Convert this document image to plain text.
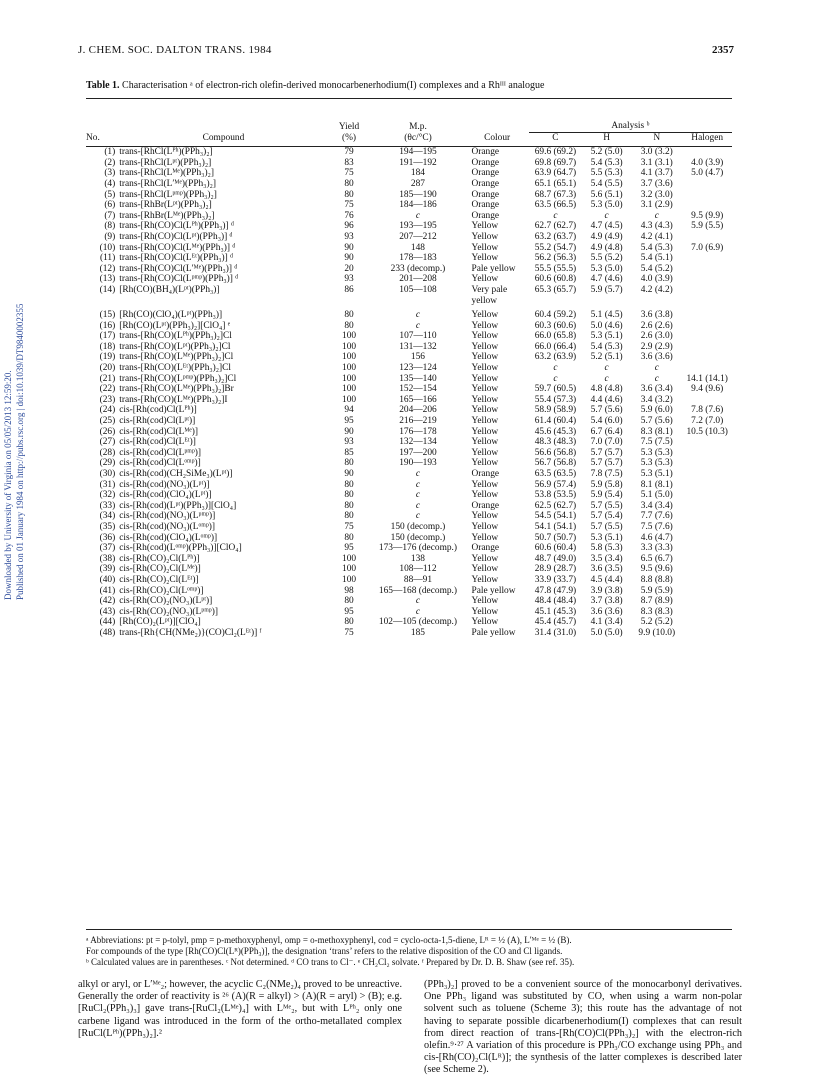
J. CHEM. SOC. DALTON TRANS. 1984	2357
Downloaded by University of Virginia on 05/05/2013 12:59:20. Published on 01 January 1984 on http://pubs.rsc.org | doi:10.1039/DT9840002355
Table 1. Characterisation ᵃ of electron-rich olefin-derived monocarbenerhodium(I) complexes and a Rhᴵᴵᴵ analogue
		Yield	M.p.		Analysis ᵇ			
No.	Compound	(%)	(θc/°C)	Colour	C	H	N	Halogen
(1)	trans-[RhCl(Lᴾʰ)(PPh₃)₂]	79	194—195	Orange	69.6 (69.2)	5.2 (5.0)	3.0 (3.2)	
(2)	trans-[RhCl(Lᵖᵗ)(PPh₃)₂]	83	191—192	Orange	69.8 (69.7)	5.4 (5.3)	3.1 (3.1)	4.0 (3.9)
(3)	trans-[RhCl(Lᴹᵉ)(PPh₃)₂]	75	184	Orange	63.9 (64.7)	5.5 (5.3)	4.1 (3.7)	5.0 (4.7)
(4)	trans-[RhCl(L′ᴹᵉ)(PPh₃)₂]	80	287	Orange	65.1 (65.1)	5.4 (5.5)	3.7 (3.6)	
(5)	trans-[RhCl(Lᵖᵐᵖ)(PPh₃)₂]	80	185—190	Orange	68.7 (67.3)	5.6 (5.1)	3.2 (3.0)	
(6)	trans-[RhBr(Lᵖᵗ)(PPh₃)₂]	75	184—186	Orange	63.5 (66.5)	5.3 (5.0)	3.1 (2.9)	
(7)	trans-[RhBr(Lᴹᵉ)(PPh₃)₂]	76	c	Orange	c	c	c	9.5 (9.9)
(8)	trans-[Rh(CO)Cl(Lᴾʰ)(PPh₃)] ᵈ	96	193—195	Yellow	62.7 (62.7)	4.7 (4.5)	4.3 (4.3)	5.9 (5.5)
(9)	trans-[Rh(CO)Cl(Lᵖᵗ)(PPh₃)] ᵈ	93	207—212	Yellow	63.2 (63.7)	4.9 (4.9)	4.2 (4.1)	
(10)	trans-[Rh(CO)Cl(Lᴹᵉ)(PPh₃)] ᵈ	90	148	Yellow	55.2 (54.7)	4.9 (4.8)	5.4 (5.3)	7.0 (6.9)
(11)	trans-[Rh(CO)Cl(Lᴱᵗ)(PPh₃)] ᵈ	90	178—183	Yellow	56.2 (56.3)	5.5 (5.2)	5.4 (5.1)	
(12)	trans-[Rh(CO)Cl(L′ᴹᵉ)(PPh₃)] ᵈ	20	233 (decomp.)	Pale yellow	55.5 (55.5)	5.3 (5.0)	5.4 (5.2)	
(13)	trans-[Rh(CO)Cl(Lᵖᵐᵖ)(PPh₃)] ᵈ	93	201—208	Yellow	60.6 (60.8)	4.7 (4.6)	4.0 (3.9)	
(14)	[Rh(CO)(BH₄)(Lᵖᵗ)(PPh₃)]	86	105—108	Very pale	65.3 (65.7)	5.9 (5.7)	4.2 (4.2)	
				yellow				

(15)	[Rh(CO)(ClO₄)(Lᵖᵗ)(PPh₃)]	80	c	Yellow	60.4 (59.2)	5.1 (4.5)	3.6 (3.8)	
(16)	[Rh(CO)(Lᵖᵗ)(PPh₃)₂][ClO₄] ᵉ	80	c	Yellow	60.3 (60.6)	5.0 (4.6)	2.6 (2.6)	
(17)	trans-[Rh(CO)(Lᴾʰ)(PPh₃)₂]Cl	100	107—110	Yellow	66.0 (65.8)	5.3 (5.1)	2.6 (3.0)	
(18)	trans-[Rh(CO)(Lᵖᵗ)(PPh₃)₂]Cl	100	131—132	Yellow	66.0 (66.4)	5.4 (5.3)	2.9 (2.9)	
(19)	trans-[Rh(CO)(Lᴹᵉ)(PPh₃)₂]Cl	100	156	Yellow	63.2 (63.9)	5.2 (5.1)	3.6 (3.6)	
(20)	trans-[Rh(CO)(Lᴱᵗ)(PPh₃)₂]Cl	100	123—124	Yellow	c	c	c	
(21)	trans-[Rh(CO)(Lᵖᵐᵖ)(PPh₃)₂]Cl	100	135—140	Yellow	c	c	c	14.1 (14.1)
(22)	trans-[Rh(CO)(Lᴹᵉ)(PPh₃)₂]Br	100	152—154	Yellow	59.7 (60.5)	4.8 (4.8)	3.6 (3.4)	9.4 (9.6)
(23)	trans-[Rh(CO)(Lᴹᵉ)(PPh₃)₂]I	100	165—166	Yellow	55.4 (57.3)	4.4 (4.6)	3.4 (3.2)	
(24)	cis-[Rh(cod)Cl(Lᴾʰ)]	94	204—206	Yellow	58.9 (58.9)	5.7 (5.6)	5.9 (6.0)	7.8 (7.6)
(25)	cis-[Rh(cod)Cl(Lᵖᵗ)]	95	216—219	Yellow	61.4 (60.4)	5.4 (6.0)	5.7 (5.6)	7.2 (7.0)
(26)	cis-[Rh(cod)Cl(Lᴹᵉ)]	90	176—178	Yellow	45.6 (45.3)	6.7 (6.4)	8.3 (8.1)	10.5 (10.3)
(27)	cis-[Rh(cod)Cl(Lᴱᵗ)]	93	132—134	Yellow	48.3 (48.3)	7.0 (7.0)	7.5 (7.5)	
(28)	cis-[Rh(cod)Cl(Lᵖᵐᵖ)]	85	197—200	Yellow	56.6 (56.8)	5.7 (5.7)	5.3 (5.3)	
(29)	cis-[Rh(cod)Cl(Lᵒᵐᵖ)]	80	190—193	Yellow	56.7 (56.8)	5.7 (5.7)	5.3 (5.3)	
(30)	cis-[Rh(cod)(CH₂SiMe₃)(Lᵖᵗ)]	90	c	Orange	63.5 (63.5)	7.8 (7.5)	5.3 (5.1)	
(31)	cis-[Rh(cod)(NO₃)(Lᵖᵗ)]	80	c	Yellow	56.9 (57.4)	5.9 (5.8)	8.1 (8.1)	
(32)	cis-[Rh(cod)(ClO₄)(Lᵖᵗ)]	80	c	Yellow	53.8 (53.5)	5.9 (5.4)	5.1 (5.0)	
(33)	cis-[Rh(cod)(Lᵖᵗ)(PPh₃)][ClO₄]	80	c	Orange	62.5 (62.7)	5.7 (5.5)	3.4 (3.4)	
(34)	cis-[Rh(cod)(NO₃)(Lᵖᵐᵖ)]	80	c	Yellow	54.5 (54.1)	5.7 (5.4)	7.7 (7.6)	
(35)	cis-[Rh(cod)(NO₃)(Lᵒᵐᵖ)]	75	150 (decomp.)	Yellow	54.1 (54.1)	5.7 (5.5)	7.5 (7.6)	
(36)	cis-[Rh(cod)(ClO₄)(Lᵒᵐᵖ)]	80	150 (decomp.)	Yellow	50.7 (50.7)	5.3 (5.1)	4.6 (4.7)	
(37)	cis-[Rh(cod)(Lᵒᵐᵖ)(PPh₃)][ClO₄]	95	173—176 (decomp.)	Orange	60.6 (60.4)	5.8 (5.3)	3.3 (3.3)	
(38)	cis-[Rh(CO)₂Cl(Lᴾʰ)]	100	138	Yellow	48.7 (49.0)	3.5 (3.4)	6.5 (6.7)	
(39)	cis-[Rh(CO)₂Cl(Lᴹᵉ)]	100	108—112	Yellow	28.9 (28.7)	3.6 (3.5)	9.5 (9.6)	
(40)	cis-[Rh(CO)₂Cl(Lᴱᵗ)]	100	88—91	Yellow	33.9 (33.7)	4.5 (4.4)	8.8 (8.8)	
(41)	cis-[Rh(CO)₂Cl(Lᵒᵐᵖ)]	98	165—168 (decomp.)	Pale yellow	47.8 (47.9)	3.9 (3.8)	5.9 (5.9)	
(42)	cis-[Rh(CO)₂(NO₃)(Lᵖᵗ)]	80	c	Yellow	48.4 (48.4)	3.7 (3.8)	8.7 (8.9)	
(43)	cis-[Rh(CO)₂(NO₃)(Lᵖᵐᵖ)]	95	c	Yellow	45.1 (45.3)	3.6 (3.6)	8.3 (8.3)	
(44)	[Rh(CO)₂(Lᵖᵗ)][ClO₄]	80	102—105 (decomp.)	Yellow	45.4 (45.7)	4.1 (3.4)	5.2 (5.2)	
(48)	trans-[Rh{CH(NMe₂)}(CO)Cl₂(Lᴱᵗ)] ᶠ	75	185	Pale yellow	31.4 (31.0)	5.0 (5.0)	9.9 (10.0)	
ᵃ Abbreviations: pt = p-tolyl, pmp = p-methoxyphenyl, omp = o-methoxyphenyl, cod = cyclo-octa-1,5-diene, Lᴿ = ½ (A), L′ᴹᵉ = ½ (B).
For compounds of the type [Rh(CO)Cl(Lᴿ)(PPh₃)], the designation ‘trans’ refers to the relative disposition of the CO and Cl ligands.
ᵇ Calculated values are in parentheses. ᶜ Not determined. ᵈ CO trans to Cl⁻. ᵉ CH₂Cl₂ solvate. ᶠ Prepared by Dr. D. B. Shaw (see ref. 35).

alkyl or aryl, or L′ᴹᵉ₂; however, the acyclic C₂(NMe₂)₄ proved to be unreactive. Generally the order of reactivity is ²⁶ (A)(R = alkyl) > (A)(R = aryl) > (B); e.g. [RuCl₂(PPh₃)₃] gave trans-[RuCl₂(Lᴹᵉ)₄] with Lᴹᵉ₂, but with Lᴾʰ₂ only one carbene ligand was introduced in the form of the ortho-metallated complex [RuCl(Lᴾʰ)(PPh₃)₂].²

(PPh₃)₂] proved to be a convenient source of the monocarbonyl derivatives. One PPh₃ ligand was substituted by CO, when using a warm non-polar solvent such as toluene (Scheme 3); this route has the advantage of not having to separate possible dicarbenerhodium(I) complexes that can result from direct reaction of trans-[Rh(CO)Cl(PPh₃)₂] with the electron-rich olefin.⁹·²⁷ A variation of this procedure is PPh₃/CO exchange using PPh₃ and cis-[Rh(CO)₂Cl(Lᴿ)]; the synthesis of the latter complexes is described later (see Scheme 2).
